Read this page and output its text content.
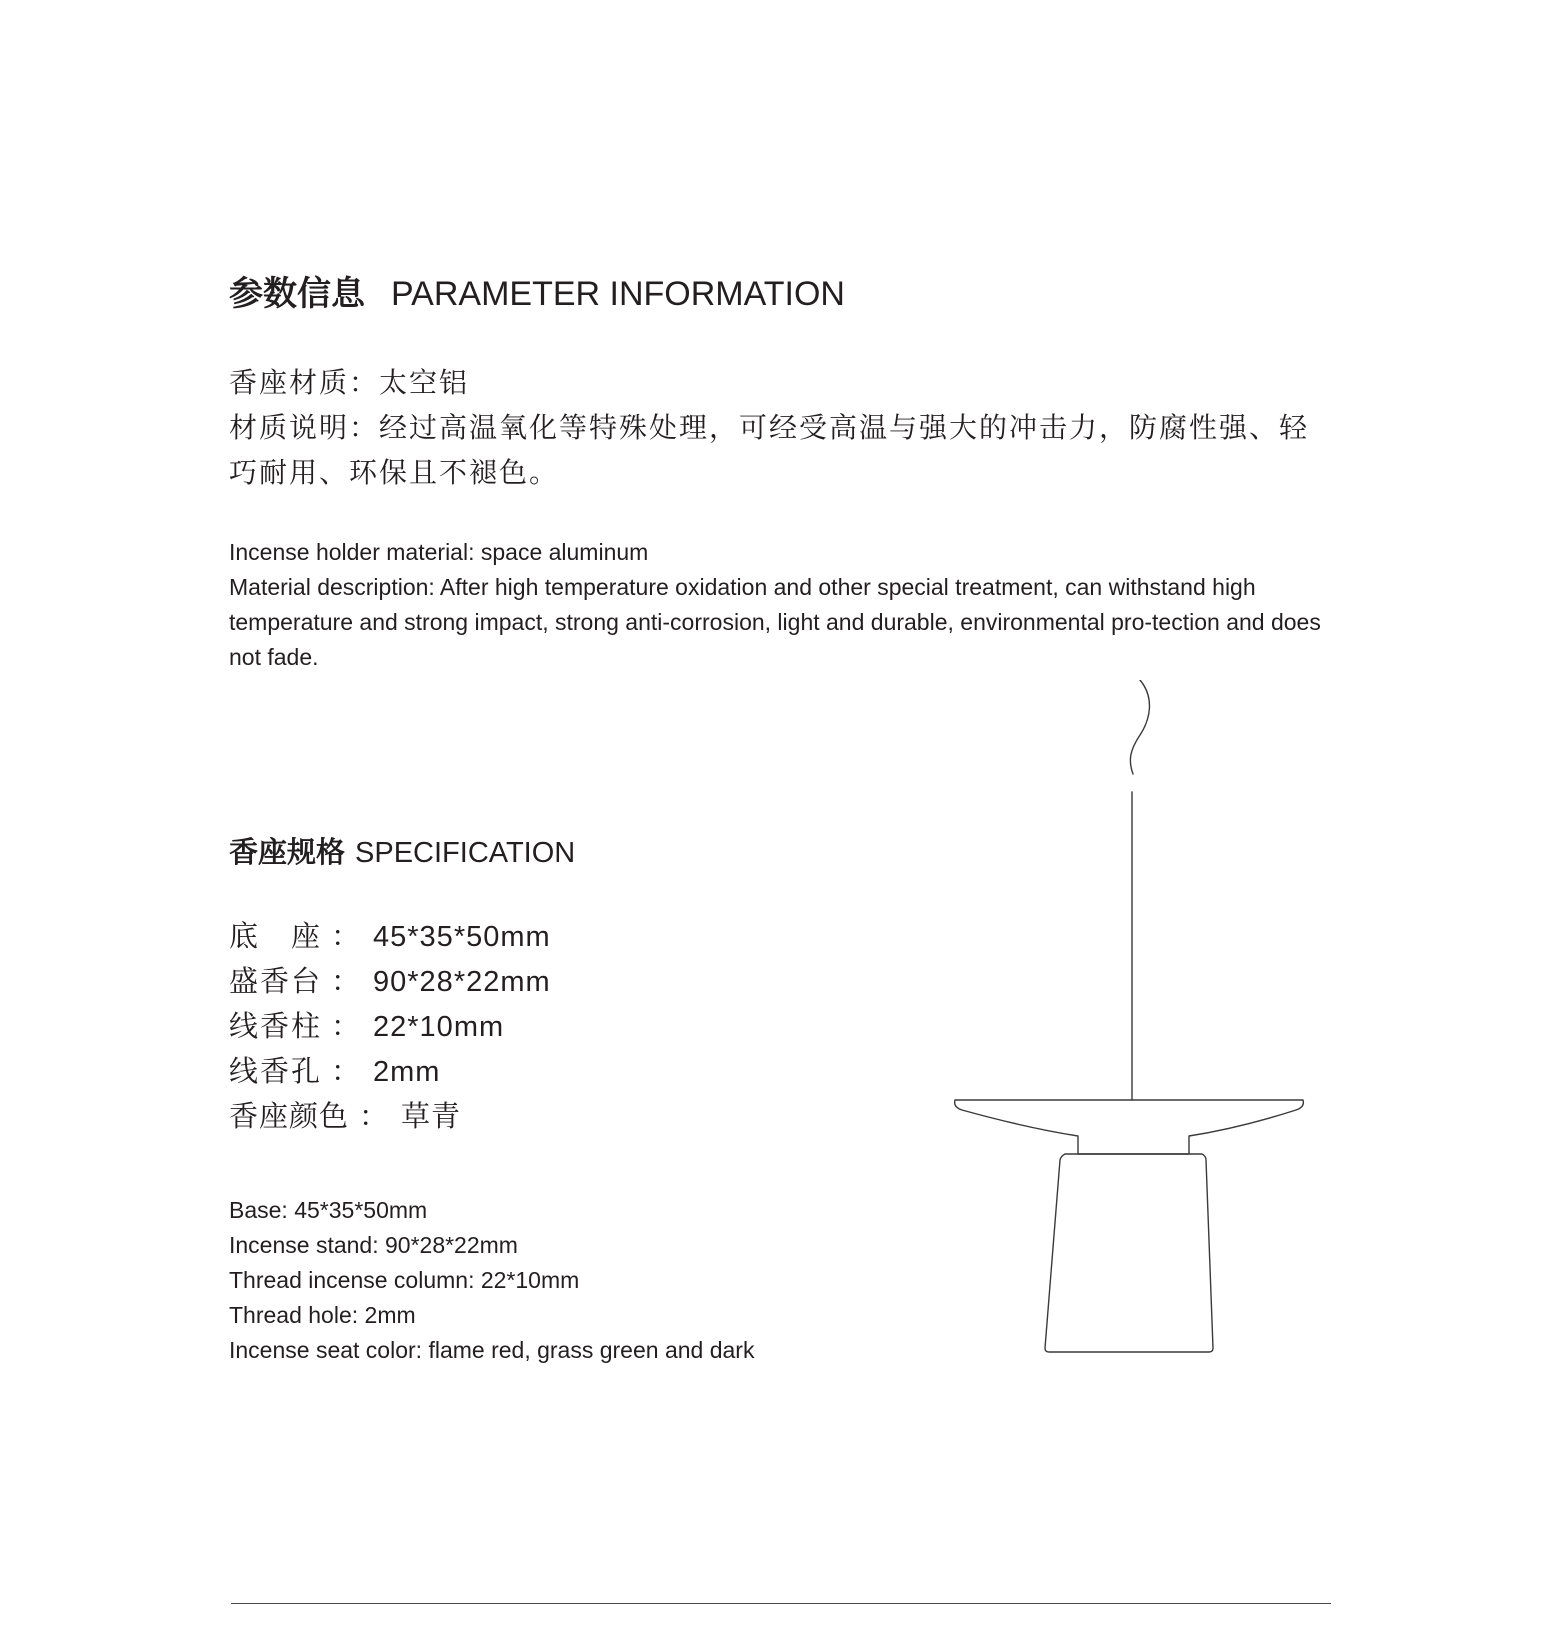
参数信息 PARAMETER INFORMATION
香座材质：太空铝
材质说明：经过高温氧化等特殊处理，可经受高温与强大的冲击力，防腐性强、轻巧耐用、环保且不褪色。
Incense holder material: space aluminum
Material description: After high temperature oxidation and other special treatment, can withstand high temperature and strong impact, strong anti-corrosion, light and durable, environmental pro-tection and does not fade.
香座规格 SPECIFICATION
底　座 ： 45*35*50mm
盛香台 ： 90*28*22mm
线香柱 ： 22*10mm
线香孔 ： 2mm
香座颜色 ： 草青
Base: 45*35*50mm
Incense stand: 90*28*22mm
Thread incense column: 22*10mm
Thread hole: 2mm
Incense seat color: flame red, grass green and dark
